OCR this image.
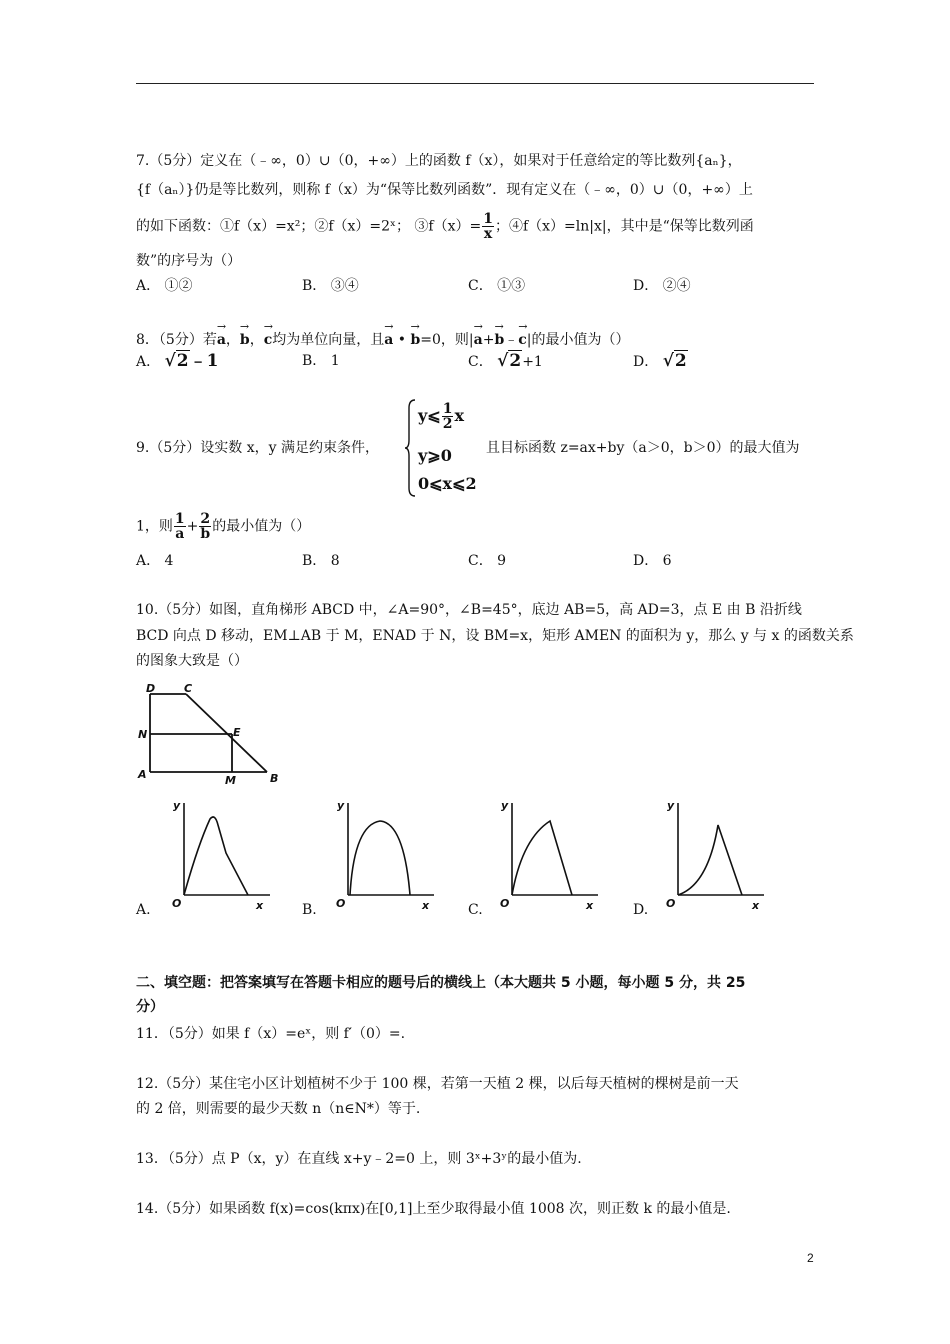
7.（5分）定义在（﹣∞，0）∪（0，+∞）上的函数 f（x），如果对于任意给定的等比数列{aₙ}，
{f（aₙ）}仍是等比数列，则称 f（x）为“保等比数列函数”．现有定义在（﹣∞，0）∪（0，+∞）上
的如下函数：①f（x）=x²；②f（x）=2ˣ； ③f（x）= $\frac{1}{x}$ ；④f（x）=ln|x|，其中是“保等比数列函
数”的序号为（）
A． ①②	B． ③④	C． ①③	D． ②④
8．（5分）若→ a，→ b，→ c均为单位向量，且→ a • → b=0，则|→ a+→ b﹣→ c|的最小值为（）
A． √2﹣1	B． 1	C． √2+1	D． √2
9.（5分）设实数 x，y 满足约束条件，
y⩽ $\frac{1}{2}$ x
y⩾0
0⩽x⩽2
且目标函数 z=ax+by（a＞0，b＞0）的最大值为
1，则 $\frac{1}{a} + \frac{2}{b}$ 的最小值为（）
A． 4	B． 8	C． 9	D． 6
10.（5分）如图，直角梯形 ABCD 中，∠A=90°，∠B=45°，底边 AB=5，高 AD=3，点 E 由 B 沿折线
BCD 向点 D 移动，EM⊥AB 于 M，ENAD 于 N，设 BM=x，矩形 AMEN 的面积为 y，那么 y 与 x 的函数关系
的图象大致是（）
D	C
N	E
A	M	B
y
O	x
y
O	x
y
O	x
y
O	x
A.	B.	C.	D.
二、填空题：把答案填写在答题卡相应的题号后的横线上（本大题共 5 小题，每小题 5 分，共 25
分）
11．（5分）如果 f（x）=eˣ，则 f′（0）=.
12.（5分）某住宅小区计划植树不少于 100 棵，若第一天植 2 棵，以后每天植树的棵树是前一天
的 2 倍，则需要的最少天数 n（n∈N*）等于.
13．（5分）点 P（x，y）在直线 x+y﹣2=0 上，则 3ˣ+3ʸ的最小值为.
14.（5分）如果函数 f(x)=cos(kπx)在[0,1]上至少取得最小值 1008 次，则正数 k 的最小值是.
2
